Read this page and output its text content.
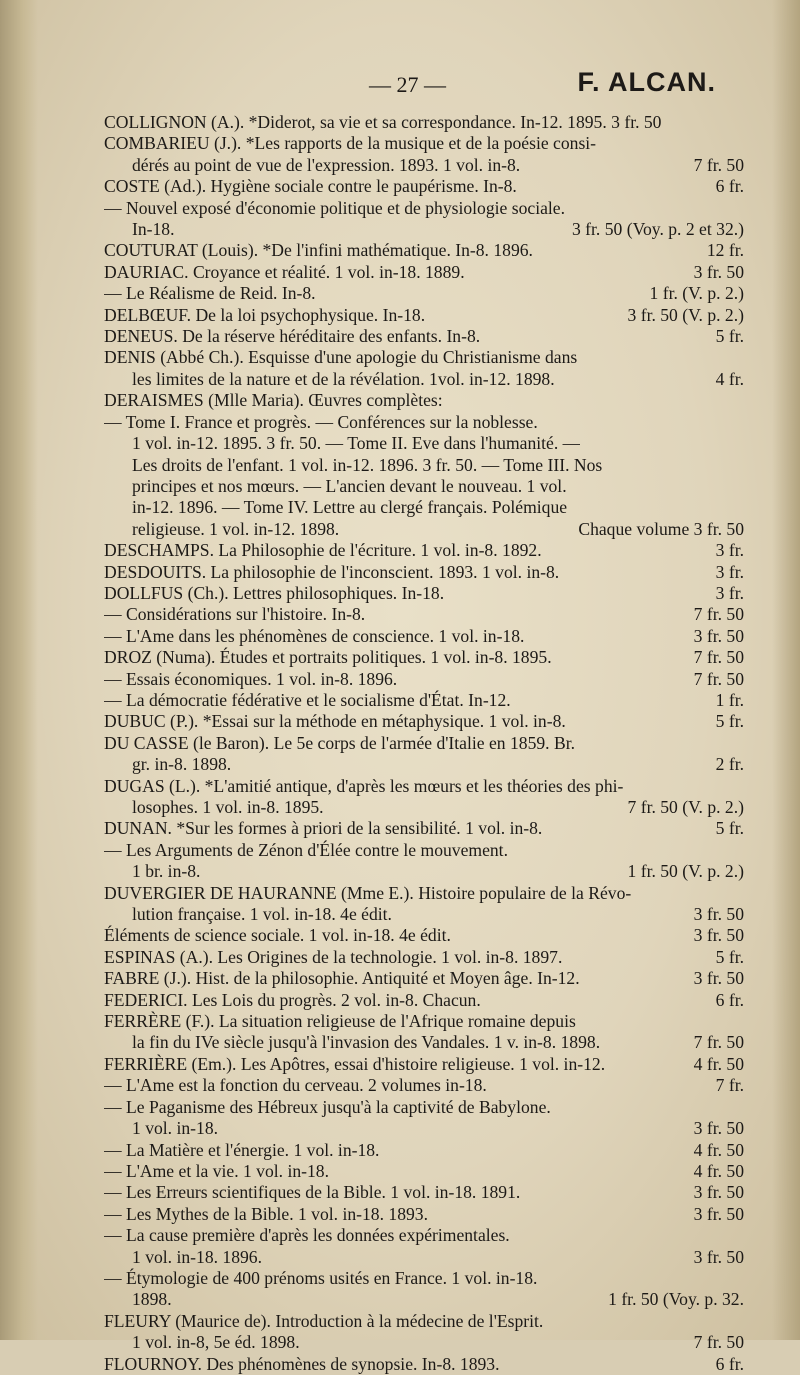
— 27 —	F. ALCAN.
COLLIGNON (A.). *Diderot, sa vie et sa correspondance. In-12. 1895. 3 fr. 50
COMBARIEU (J.). *Les rapports de la musique et de la poésie consi-
dérés au point de vue de l'expression. 1893. 1 vol. in-8.	7 fr. 50
COSTE (Ad.). Hygiène sociale contre le paupérisme. In-8.	6 fr.
— Nouvel exposé d'économie politique et de physiologie sociale.
In-18.	3 fr. 50 (Voy. p. 2 et 32.)
COUTURAT (Louis). *De l'infini mathématique. In-8. 1896.	12 fr.
DAURIAC. Croyance et réalité. 1 vol. in-18. 1889.	3 fr. 50
— Le Réalisme de Reid. In-8.	1 fr. (V. p. 2.)
DELBŒUF. De la loi psychophysique. In-18.	3 fr. 50 (V. p. 2.)
DENEUS. De la réserve héréditaire des enfants. In-8.	5 fr.
DENIS (Abbé Ch.). Esquisse d'une apologie du Christianisme dans
les limites de la nature et de la révélation. 1vol. in-12. 1898.	4 fr.
DERAISMES (Mlle Maria). Œuvres complètes:
— Tome I. France et progrès. — Conférences sur la noblesse.
1 vol. in-12. 1895. 3 fr. 50. — Tome II. Eve dans l'humanité. —
Les droits de l'enfant. 1 vol. in-12. 1896. 3 fr. 50. — Tome III. Nos
principes et nos mœurs. — L'ancien devant le nouveau. 1 vol.
in-12. 1896. — Tome IV. Lettre au clergé français. Polémique
religieuse. 1 vol. in-12. 1898.	Chaque volume 3 fr. 50
DESCHAMPS. La Philosophie de l'écriture. 1 vol. in-8. 1892.	3 fr.
DESDOUITS. La philosophie de l'inconscient. 1893. 1 vol. in-8.	3 fr.
DOLLFUS (Ch.). Lettres philosophiques. In-18.	3 fr.
— Considérations sur l'histoire. In-8.	7 fr. 50
— L'Ame dans les phénomènes de conscience. 1 vol. in-18.	3 fr. 50
DROZ (Numa). Études et portraits politiques. 1 vol. in-8. 1895.	7 fr. 50
— Essais économiques. 1 vol. in-8. 1896.	7 fr. 50
— La démocratie fédérative et le socialisme d'État. In-12.	1 fr.
DUBUC (P.). *Essai sur la méthode en métaphysique. 1 vol. in-8.	5 fr.
DU CASSE (le Baron). Le 5e corps de l'armée d'Italie en 1859. Br.
gr. in-8. 1898.	2 fr.
DUGAS (L.). *L'amitié antique, d'après les mœurs et les théories des phi-
losophes. 1 vol. in-8. 1895.	7 fr. 50 (V. p. 2.)
DUNAN. *Sur les formes à priori de la sensibilité. 1 vol. in-8.	5 fr.
— Les Arguments de Zénon d'Élée contre le mouvement.
1 br. in-8.	1 fr. 50 (V. p. 2.)
DUVERGIER DE HAURANNE (Mme E.). Histoire populaire de la Révo-
lution française. 1 vol. in-18. 4e édit.	3 fr. 50
Éléments de science sociale. 1 vol. in-18. 4e édit.	3 fr. 50
ESPINAS (A.). Les Origines de la technologie. 1 vol. in-8. 1897.	5 fr.
FABRE (J.). Hist. de la philosophie. Antiquité et Moyen âge. In-12.	3 fr. 50
FEDERICI. Les Lois du progrès. 2 vol. in-8. Chacun.	6 fr.
FERRÈRE (F.). La situation religieuse de l'Afrique romaine depuis
la fin du IVe siècle jusqu'à l'invasion des Vandales. 1 v. in-8. 1898.	7 fr. 50
FERRIÈRE (Em.). Les Apôtres, essai d'histoire religieuse. 1 vol. in-12.	4 fr. 50
— L'Ame est la fonction du cerveau. 2 volumes in-18.	7 fr.
— Le Paganisme des Hébreux jusqu'à la captivité de Babylone.
1 vol. in-18.	3 fr. 50
— La Matière et l'énergie. 1 vol. in-18.	4 fr. 50
— L'Ame et la vie. 1 vol. in-18.	4 fr. 50
— Les Erreurs scientifiques de la Bible. 1 vol. in-18. 1891.	3 fr. 50
— Les Mythes de la Bible. 1 vol. in-18. 1893.	3 fr. 50
— La cause première d'après les données expérimentales.
1 vol. in-18. 1896.	3 fr. 50
— Étymologie de 400 prénoms usités en France. 1 vol. in-18.
1898.	1 fr. 50 (Voy. p. 32.
FLEURY (Maurice de). Introduction à la médecine de l'Esprit.
1 vol. in-8, 5e éd. 1898.	7 fr. 50
FLOURNOY. Des phénomènes de synopsie. In-8. 1893.	6 fr.
